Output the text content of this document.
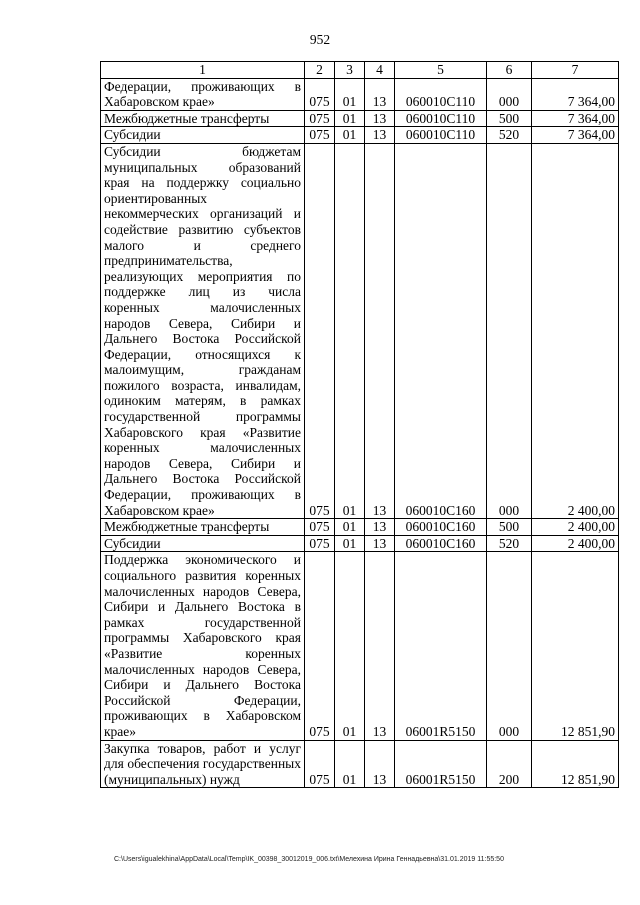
952
1	2	3	4	5	6	7
Федерации, проживающих в Хабаровском крае»	075	01	13	060010С110	000	7 364,00
Межбюджетные трансферты	075	01	13	060010С110	500	7 364,00
Субсидии	075	01	13	060010С110	520	7 364,00
Субсидии бюджетам муниципальных образований края на поддержку социально ориентированных некоммерческих организаций и содействие развитию субъектов малого и среднего предпринимательства, реализующих мероприятия по поддержке лиц из числа коренных малочисленных народов Севера, Сибири и Дальнего Востока Российской Федерации, относящихся к малоимущим, гражданам пожилого возраста, инвалидам, одиноким матерям, в рамках государственной программы Хабаровского края «Развитие коренных малочисленных народов Севера, Сибири и Дальнего Востока Российской Федерации, проживающих в Хабаровском крае»	075	01	13	060010С160	000	2 400,00
Межбюджетные трансферты	075	01	13	060010С160	500	2 400,00
Субсидии	075	01	13	060010С160	520	2 400,00
Поддержка экономического и социального развития коренных малочисленных народов Севера, Сибири и Дальнего Востока в рамках государственной программы Хабаровского края «Развитие коренных малочисленных народов Севера, Сибири и Дальнего Востока Российской Федерации, проживающих в Хабаровском крае»	075	01	13	06001R5150	000	12 851,90
Закупка товаров, работ и услуг для обеспечения государственных (муниципальных) нужд	075	01	13	06001R5150	200	12 851,90
C:\Users\igualekhina\AppData\Local\Temp\IK_00398_30012019_006.txt\Мелехина Ирина Геннадьевна\31.01.2019 11:55:50
